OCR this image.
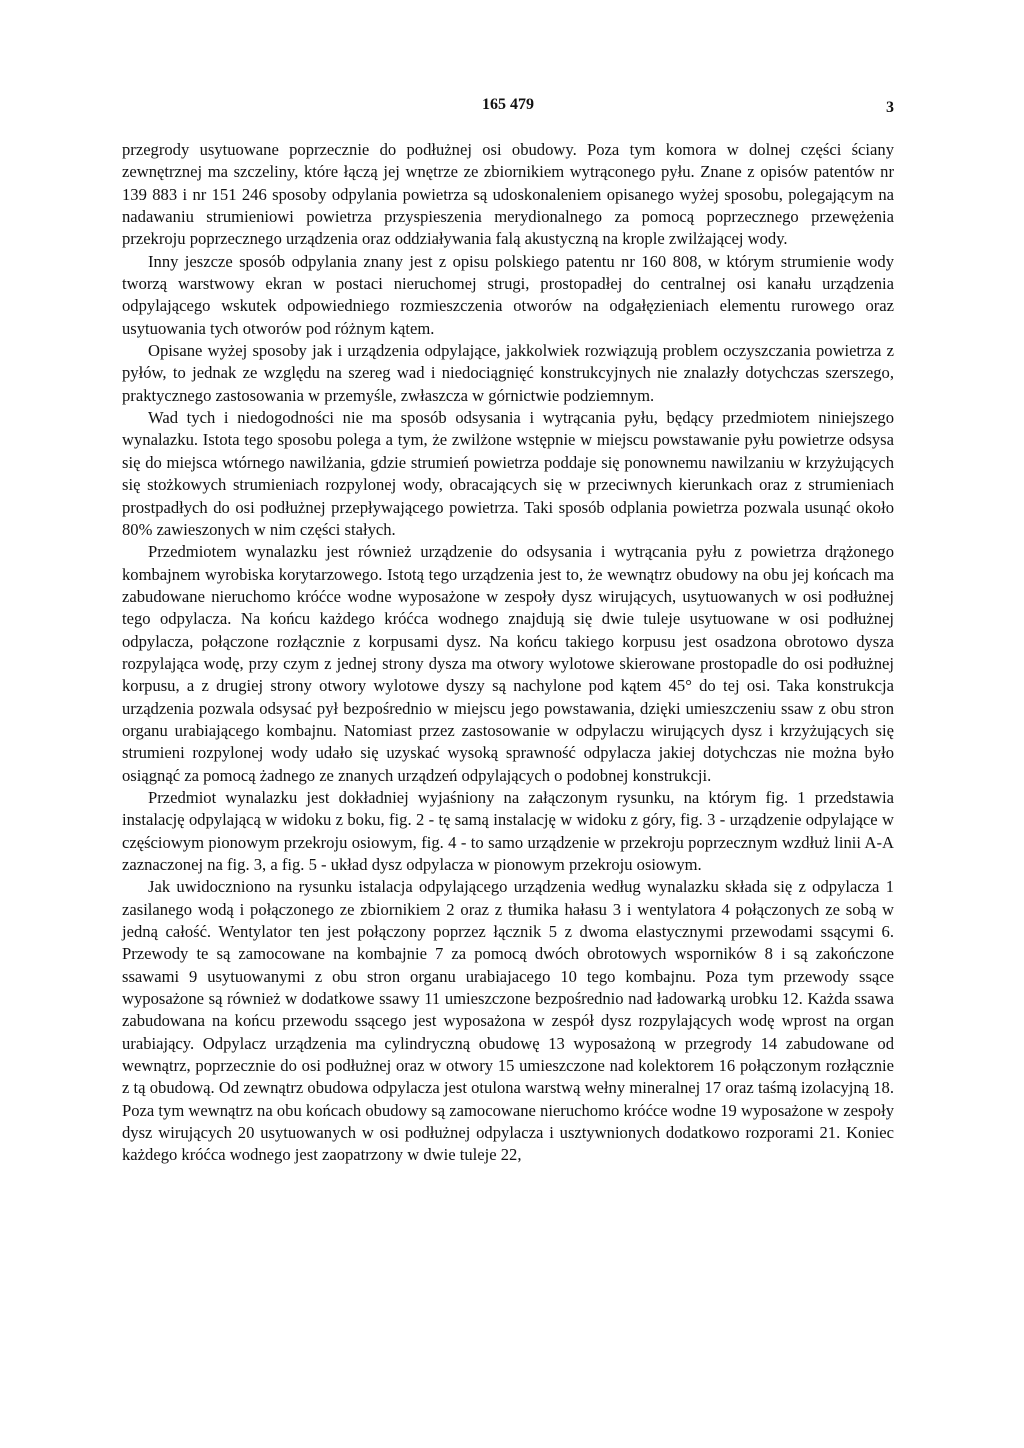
165 479	3

przegrody usytuowane poprzecznie do podłużnej osi obudowy. Poza tym komora w dolnej części ściany zewnętrznej ma szczeliny, które łączą jej wnętrze ze zbiornikiem wytrąconego pyłu. Znane z opisów patentów nr 139 883 i nr 151 246 sposoby odpylania powietrza są udoskonaleniem opisanego wyżej sposobu, polegającym na nadawaniu strumieniowi powietrza przyspieszenia merydionalnego za pomocą poprzecznego przewężenia przekroju poprzecznego urządzenia oraz oddziaływania falą akustyczną na krople zwilżającej wody.

Inny jeszcze sposób odpylania znany jest z opisu polskiego patentu nr 160 808, w którym strumienie wody tworzą warstwowy ekran w postaci nieruchomej strugi, prostopadłej do centralnej osi kanału urządzenia odpylającego wskutek odpowiedniego rozmieszczenia otworów na odgałęzieniach elementu rurowego oraz usytuowania tych otworów pod różnym kątem.

Opisane wyżej sposoby jak i urządzenia odpylające, jakkolwiek rozwiązują problem oczyszczania powietrza z pyłów, to jednak ze względu na szereg wad i niedociągnięć konstrukcyjnych nie znalazły dotychczas szerszego, praktycznego zastosowania w przemyśle, zwłaszcza w górnictwie podziemnym.

Wad tych i niedogodności nie ma sposób odsysania i wytrącania pyłu, będący przedmiotem niniejszego wynalazku. Istota tego sposobu polega a tym, że zwilżone wstępnie w miejscu powstawanie pyłu powietrze odsysa się do miejsca wtórnego nawilżania, gdzie strumień powietrza poddaje się ponownemu nawilzaniu w krzyżujących się stożkowych strumieniach rozpylonej wody, obracających się w przeciwnych kierunkach oraz z strumieniach prostpadłych do osi podłużnej przepływającego powietrza. Taki sposób odplania powietrza pozwala usunąć około 80% zawieszonych w nim części stałych.

Przedmiotem wynalazku jest również urządzenie do odsysania i wytrącania pyłu z powietrza drążonego kombajnem wyrobiska korytarzowego. Istotą tego urządzenia jest to, że wewnątrz obudowy na obu jej końcach ma zabudowane nieruchomo króćce wodne wyposażone w zespoły dysz wirujących, usytuowanych w osi podłużnej tego odpylacza. Na końcu każdego króćca wodnego znajdują się dwie tuleje usytuowane w osi podłużnej odpylacza, połączone rozłącznie z korpusami dysz. Na końcu takiego korpusu jest osadzona obrotowo dysza rozpylająca wodę, przy czym z jednej strony dysza ma otwory wylotowe skierowane prostopadle do osi podłużnej korpusu, a z drugiej strony otwory wylotowe dyszy są nachylone pod kątem 45° do tej osi. Taka konstrukcja urządzenia pozwala odsysać pył bezpośrednio w miejscu jego powstawania, dzięki umieszczeniu ssaw z obu stron organu urabiającego kombajnu. Natomiast przez zastosowanie w odpylaczu wirujących dysz i krzyżujących się strumieni rozpylonej wody udało się uzyskać wysoką sprawność odpylacza jakiej dotychczas nie można było osiągnąć za pomocą żadnego ze znanych urządzeń odpylających o podobnej konstrukcji.

Przedmiot wynalazku jest dokładniej wyjaśniony na załączonym rysunku, na którym fig. 1 przedstawia instalację odpylającą w widoku z boku, fig. 2 - tę samą instalację w widoku z góry, fig. 3 - urządzenie odpylające w częściowym pionowym przekroju osiowym, fig. 4 - to samo urządzenie w przekroju poprzecznym wzdłuż linii A-A zaznaczonej na fig. 3, a fig. 5 - układ dysz odpylacza w pionowym przekroju osiowym.

Jak uwidoczniono na rysunku istalacja odpylającego urządzenia według wynalazku składa się z odpylacza 1 zasilanego wodą i połączonego ze zbiornikiem 2 oraz z tłumika hałasu 3 i wentylatora 4 połączonych ze sobą w jedną całość. Wentylator ten jest połączony poprzez łącznik 5 z dwoma elastycznymi przewodami ssącymi 6. Przewody te są zamocowane na kombajnie 7 za pomocą dwóch obrotowych wsporników 8 i są zakończone ssawami 9 usytuowanymi z obu stron organu urabiajacego 10 tego kombajnu. Poza tym przewody ssące wyposażone są również w dodatkowe ssawy 11 umieszczone bezpośrednio nad ładowarką urobku 12. Każda ssawa zabudowana na końcu przewodu ssącego jest wyposażona w zespół dysz rozpylających wodę wprost na organ urabiający. Odpylacz urządzenia ma cylindryczną obudowę 13 wyposażoną w przegrody 14 zabudowane od wewnątrz, poprzecznie do osi podłużnej oraz w otwory 15 umieszczone nad kolektorem 16 połączonym rozłącznie z tą obudową. Od zewnątrz obudowa odpylacza jest otulona warstwą wełny mineralnej 17 oraz taśmą izolacyjną 18. Poza tym wewnątrz na obu końcach obudowy są zamocowane nieruchomo króćce wodne 19 wyposażone w zespoły dysz wirujących 20 usytuowanych w osi podłużnej odpylacza i usztywnionych dodatkowo rozporami 21. Koniec każdego króćca wodnego jest zaopatrzony w dwie tuleje 22,
